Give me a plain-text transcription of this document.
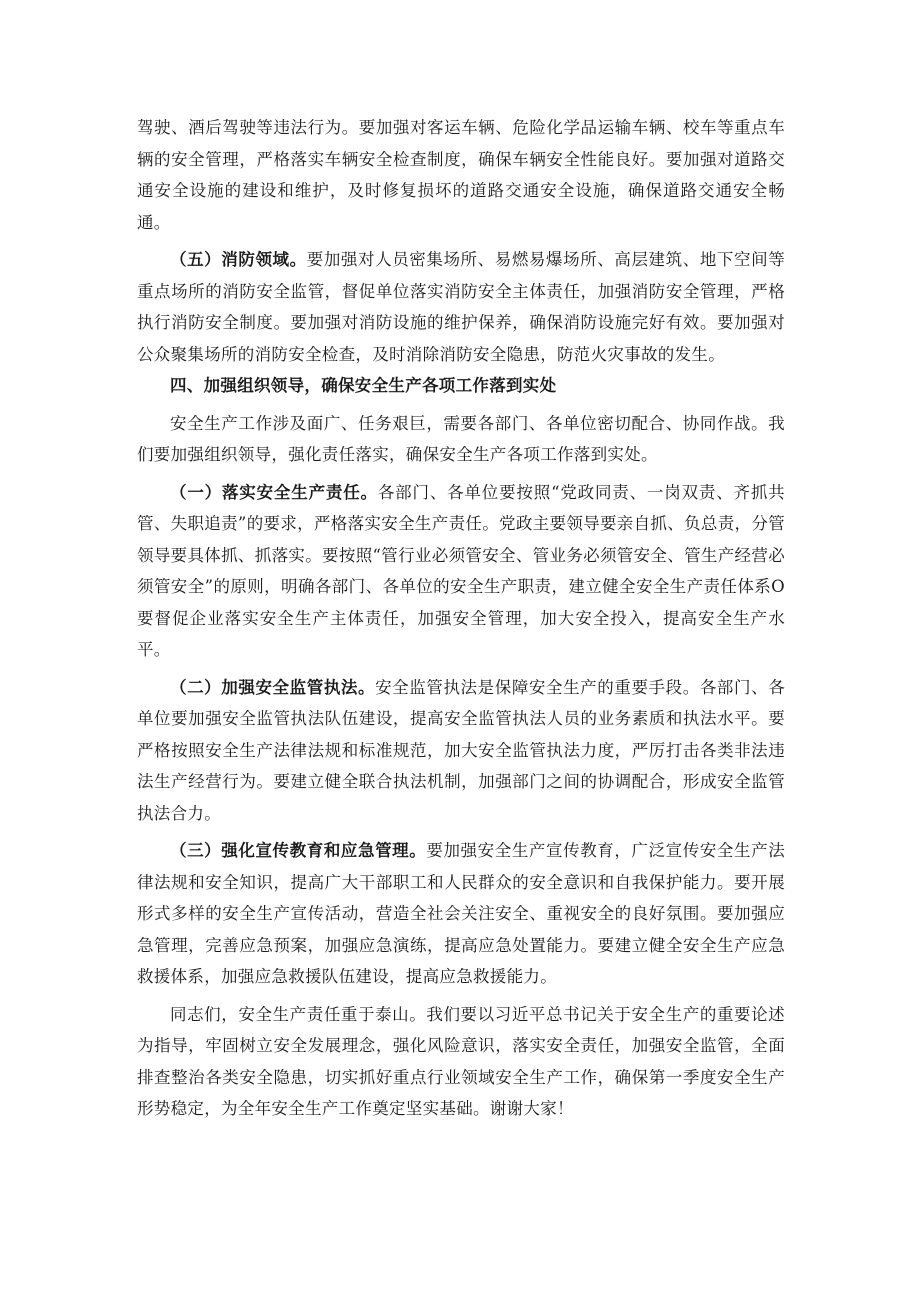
驾驶、酒后驾驶等违法行为。要加强对客运车辆、危险化学品运输车辆、校车等重点车辆的安全管理，严格落实车辆安全检查制度，确保车辆安全性能良好。要加强对道路交通安全设施的建设和维护，及时修复损坏的道路交通安全设施，确保道路交通安全畅通。

（五）消防领域。要加强对人员密集场所、易燃易爆场所、高层建筑、地下空间等重点场所的消防安全监管，督促单位落实消防安全主体责任，加强消防安全管理，严格执行消防安全制度。要加强对消防设施的维护保养，确保消防设施完好有效。要加强对公众聚集场所的消防安全检查，及时消除消防安全隐患，防范火灾事故的发生。

四、加强组织领导，确保安全生产各项工作落到实处

安全生产工作涉及面广、任务艰巨，需要各部门、各单位密切配合、协同作战。我们要加强组织领导，强化责任落实，确保安全生产各项工作落到实处。

（一）落实安全生产责任。各部门、各单位要按照“党政同责、一岗双责、齐抓共管、失职追责”的要求，严格落实安全生产责任。党政主要领导要亲自抓、负总责，分管领导要具体抓、抓落实。要按照“管行业必须管安全、管业务必须管安全、管生产经营必须管安全”的原则，明确各部门、各单位的安全生产职责，建立健全安全生产责任体系O要督促企业落实安全生产主体责任，加强安全管理，加大安全投入，提高安全生产水平。

（二）加强安全监管执法。安全监管执法是保障安全生产的重要手段。各部门、各单位要加强安全监管执法队伍建设，提高安全监管执法人员的业务素质和执法水平。要严格按照安全生产法律法规和标准规范，加大安全监管执法力度，严厉打击各类非法违法生产经营行为。要建立健全联合执法机制，加强部门之间的协调配合，形成安全监管执法合力。

（三）强化宣传教育和应急管理。要加强安全生产宣传教育，广泛宣传安全生产法律法规和安全知识，提高广大干部职工和人民群众的安全意识和自我保护能力。要开展形式多样的安全生产宣传活动，营造全社会关注安全、重视安全的良好氛围。要加强应急管理，完善应急预案，加强应急演练，提高应急处置能力。要建立健全安全生产应急救援体系，加强应急救援队伍建设，提高应急救援能力。

同志们，安全生产责任重于泰山。我们要以习近平总书记关于安全生产的重要论述为指导，牢固树立安全发展理念，强化风险意识，落实安全责任，加强安全监管，全面排查整治各类安全隐患，切实抓好重点行业领域安全生产工作，确保第一季度安全生产形势稳定，为全年安全生产工作奠定坚实基础。谢谢大家！
